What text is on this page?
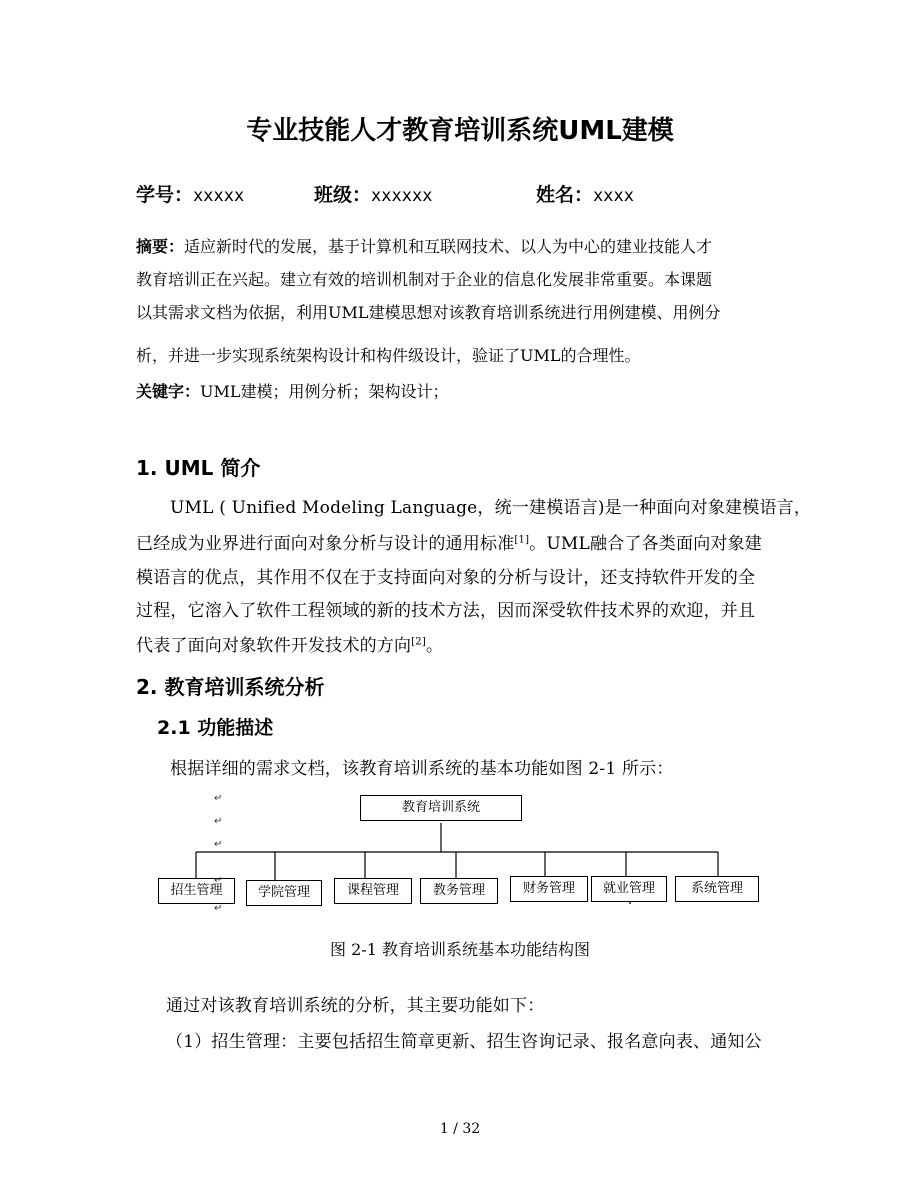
专业技能人才教育培训系统UML建模
学号：xxxxx	班级：xxxxxx	姓名：xxxx
摘要：适应新时代的发展，基于计算机和互联网技术、以人为中心的建业技能人才
教育培训正在兴起。建立有效的培训机制对于企业的信息化发展非常重要。本课题
以其需求文档为依据，利用UML建模思想对该教育培训系统进行用例建模、用例分
析，并进一步实现系统架构设计和构件级设计，验证了UML的合理性。
关键字：UML建模；用例分析；架构设计；
1. UML 简介
UML ( Unified Modeling Language，统一建模语言)是一种面向对象建模语言，
已经成为业界进行面向对象分析与设计的通用标准[1]。UML融合了各类面向对象建
模语言的优点，其作用不仅在于支持面向对象的分析与设计，还支持软件开发的全
过程，它溶入了软件工程领域的新的技术方法，因而深受软件技术界的欢迎，并且
代表了面向对象软件开发技术的方向[2]。
2. 教育培训系统分析
2.1 功能描述
根据详细的需求文档，该教育培训系统的基本功能如图 2-1 所示：
教育培训系统
招生管理	学院管理	课程管理	教务管理	财务管理	就业管理	系统管理
↵
↵
↵
↵
↵
图 2-1 教育培训系统基本功能结构图
通过对该教育培训系统的分析，其主要功能如下：
（1）招生管理：主要包括招生简章更新、招生咨询记录、报名意向表、通知公
1 / 32
